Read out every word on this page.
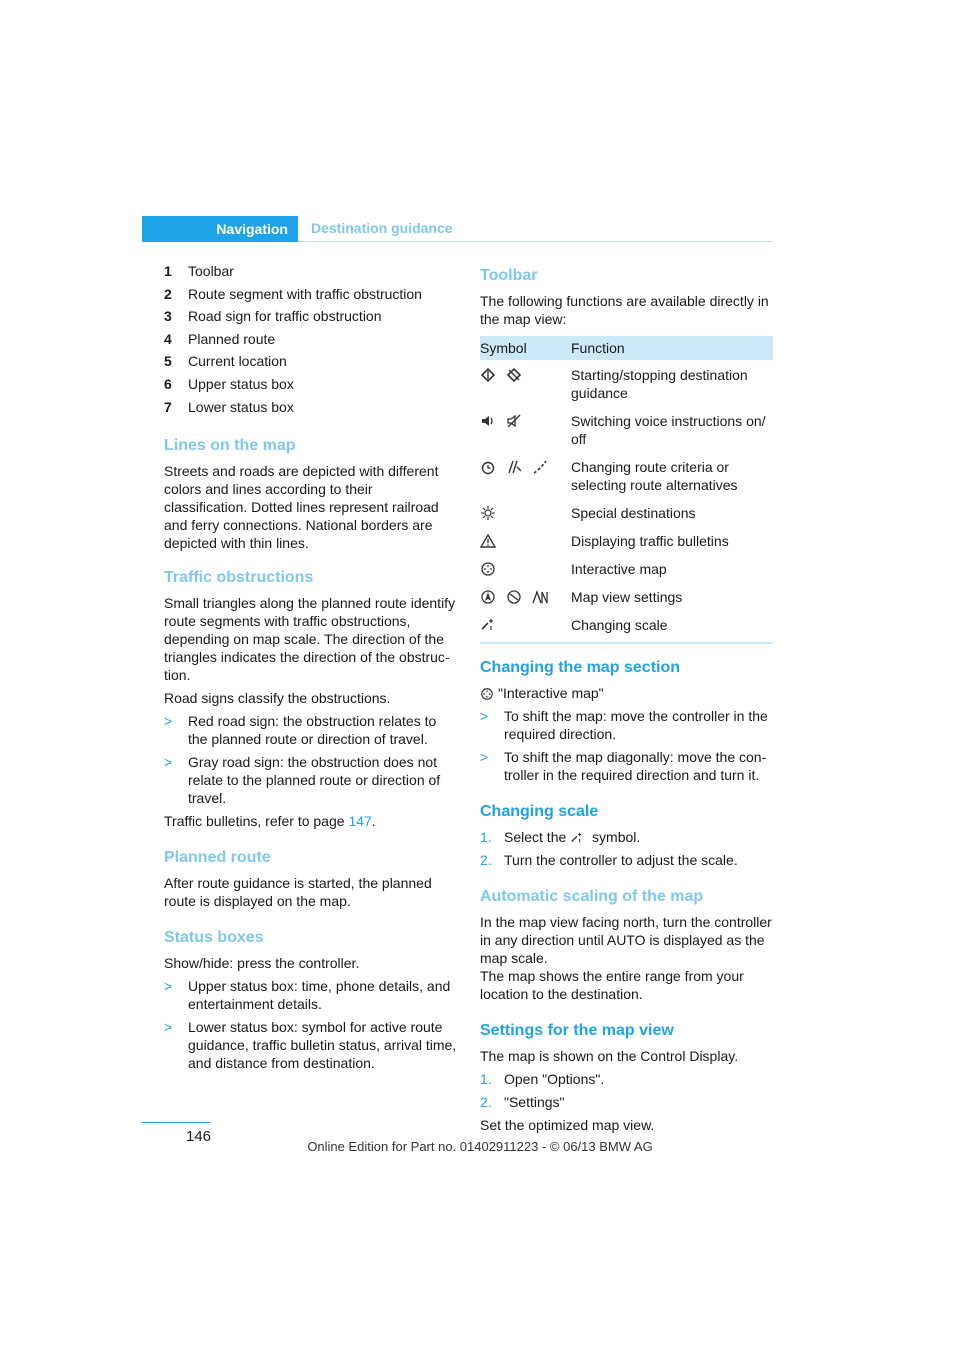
Navigation	Destination guidance
1	Toolbar
2	Route segment with traffic obstruction
3	Road sign for traffic obstruction
4	Planned route
5	Current location
6	Upper status box
7	Lower status box
Lines on the map

Streets and roads are depicted with different colors and lines according to their classification. Dotted lines represent railroad and ferry connections. National borders are depicted with thin lines.

Traffic obstructions

Small triangles along the planned route identify route segments with traffic obstructions, depending on map scale. The direction of the triangles indicates the direction of the obstruction.

Road signs classify the obstructions.

>	Red road sign: the obstruction relates to the planned route or direction of travel.
>	Gray road sign: the obstruction does not relate to the planned route or direction of travel.

Traffic bulletins, refer to page 147.

Planned route

After route guidance is started, the planned route is displayed on the map.

Status boxes

Show/hide: press the controller.

>	Upper status box: time, phone details, and entertainment details.
>	Lower status box: symbol for active route guidance, traffic bulletin status, arrival time, and distance from destination.
Toolbar

The following functions are available directly in the map view:

Symbol	Function

	Starting/stopping destination guidance

	Switching voice instructions on/ off

	Changing route criteria or selecting route alternatives

	Special destinations

	Displaying traffic bulletins

	Interactive map

	Map view settings

	Changing scale
Changing the map section

"Interactive map"

>	To shift the map: move the controller in the required direction.
>	To shift the map diagonally: move the controller in the required direction and turn it.
Changing scale
1. Select the  symbol.
2. Turn the controller to adjust the scale.
Automatic scaling of the map

In the map view facing north, turn the controller in any direction until AUTO is displayed as the map scale.

The map shows the entire range from your location to the destination.

Settings for the map view

The map is shown on the Control Display.

1. Open "Options".
2. "Settings"

Set the optimized map view.

146
Online Edition for Part no. 01402911223 - © 06/13 BMW AG
